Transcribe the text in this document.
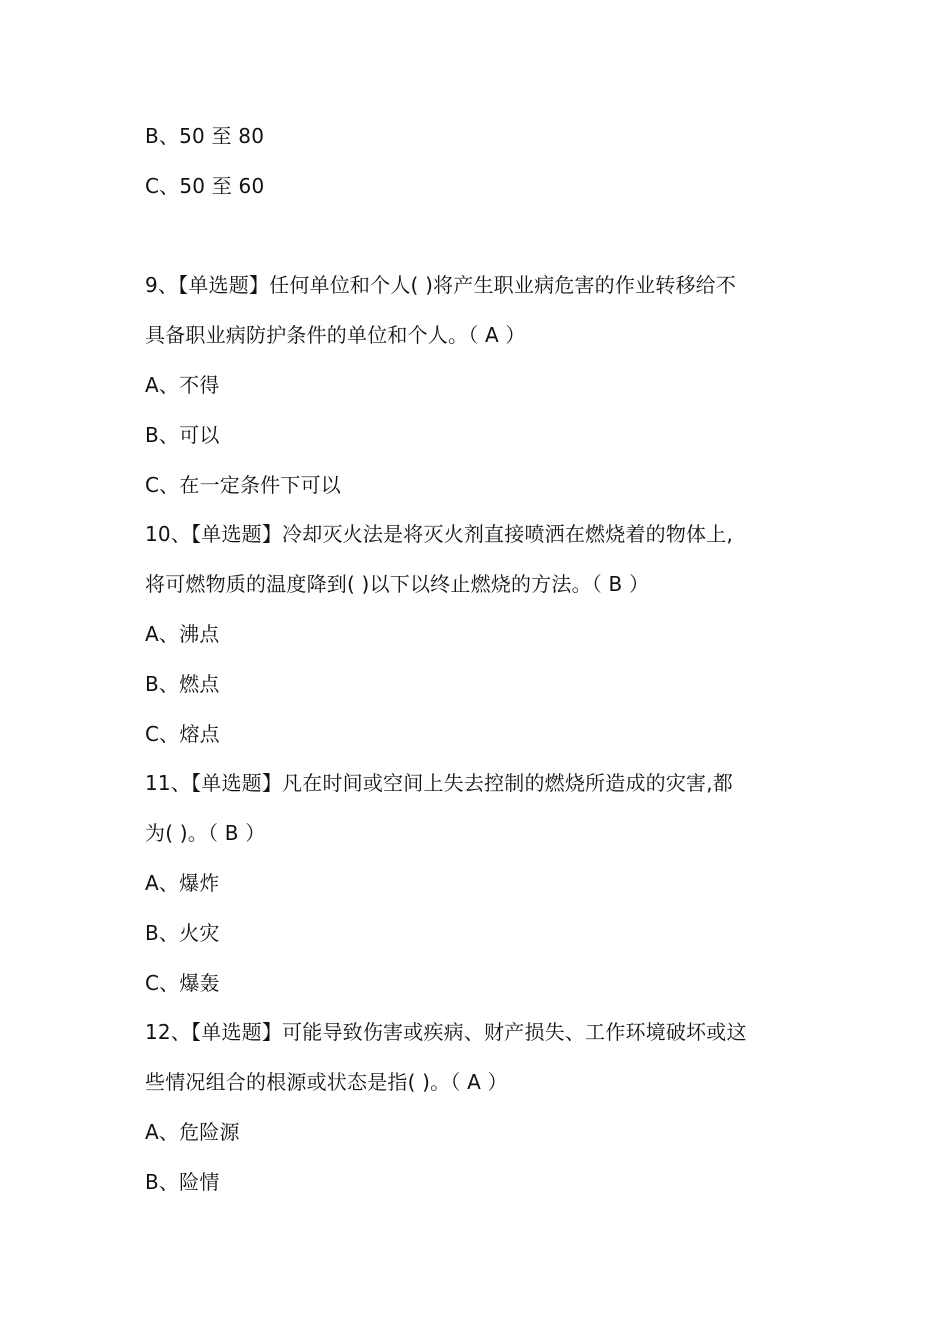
B、50 至 80
C、50 至 60
9、【单选题】任何单位和个人( )将产生职业病危害的作业转移给不
具备职业病防护条件的单位和个人。（ A ）
A、不得
B、可以
C、在一定条件下可以
10、【单选题】冷却灭火法是将灭火剂直接喷洒在燃烧着的物体上,
将可燃物质的温度降到( )以下以终止燃烧的方法。（ B ）
A、沸点
B、燃点
C、熔点
11、【单选题】凡在时间或空间上失去控制的燃烧所造成的灾害,都
为( )。（ B ）
A、爆炸
B、火灾
C、爆轰
12、【单选题】可能导致伤害或疾病、财产损失、工作环境破坏或这
些情况组合的根源或状态是指( )。（ A ）
A、危险源
B、险情
